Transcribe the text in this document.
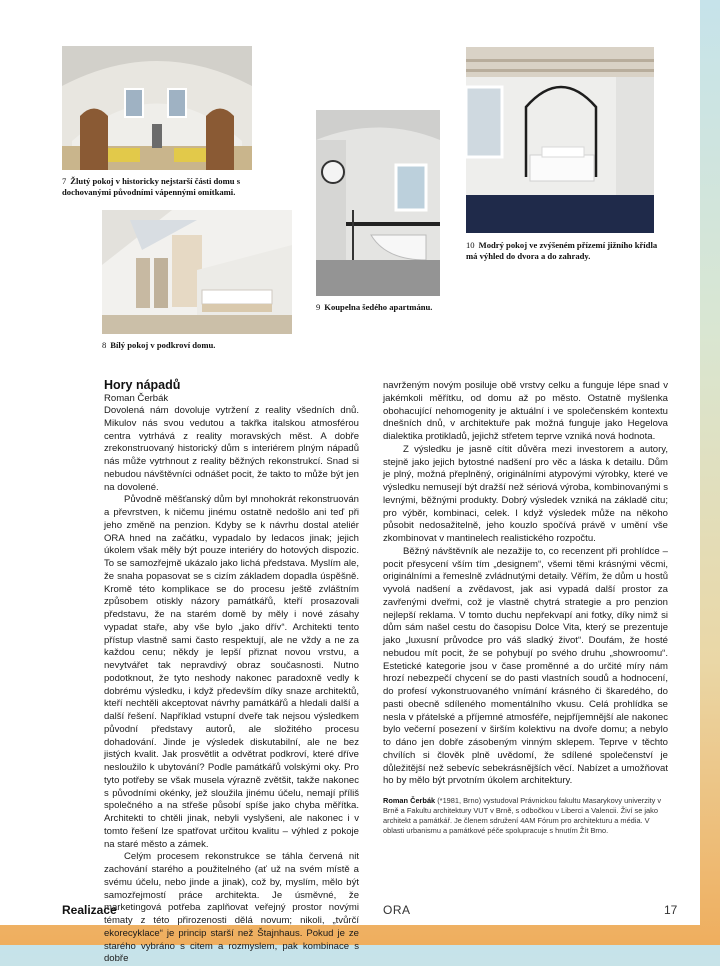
7 Žlutý pokoj v historicky nejstarší části domu s dochovanými původními vápennými omítkami.
8 Bílý pokoj v podkroví domu.
9 Koupelna šedého apartmánu.
10 Modrý pokoj ve zvýšeném přízemí jižního křídla má výhled do dvora a do zahrady.
Hory nápadů
Roman Čerbák

Dovolená nám dovoluje vytržení z reality všedních dnů. Mikulov nás svou vedutou a takřka italskou atmosférou centra vytrhává z reality moravských měst. A dobře zrekonstruovaný historický dům s interiérem plným nápadů nás může vytrhnout z reality běžných rekonstrukcí. Snad si nebudou návštěvníci odnášet pocit, že takto to může být jen na dovolené.

Původně měšťanský dům byl mnohokrát rekonstruován a převrstven, k ničemu jinému ostatně nedošlo ani teď při jeho změně na penzion. Kdyby se k návrhu dostal ateliér ORA hned na začátku, vypadalo by ledacos jinak; jejich úkolem však měly být pouze interiéry do hotových dispozic. To se samozřejmě ukázalo jako lichá představa. Myslím ale, že snaha popasovat se s cizím základem dopadla úspěšně. Kromě této komplikace se do procesu ještě zvláštním způsobem otiskly názory památkářů, kteří prosazovali představu, že na starém domě by měly i nové zásahy vypadat staře, aby vše bylo „jako dřív“. Architekti tento přístup vlastně sami často respektují, ale ne vždy a ne za každou cenu; někdy je lepší přiznat novou vrstvu, a nevytvářet tak nepravdivý obraz současnosti. Nutno podotknout, že tyto neshody nakonec paradoxně vedly k dobrému výsledku, i když především díky snaze architektů, kteří nechtěli akceptovat návrhy památkářů a hledali další a další řešení. Například vstupní dveře tak nejsou výsledkem původní představy autorů, ale složitého procesu dohadování. Jinde je výsledek diskutabilní, ale ne bez jistých kvalit. Jak prosvětlit a odvětrat podkroví, které dříve nesloužilo k ubytování? Podle památkářů volskými oky. Pro tyto potřeby se však musela výrazně zvětšit, takže nakonec s původními okénky, jež sloužila jinému účelu, nemají příliš společného a na střeše působí spíše jako chyba měřítka. Architekti to chtěli jinak, nebyli vyslyšeni, ale nakonec i v tomto řešení lze spatřovat určitou kvalitu – výhled z pokoje na staré město a zámek.

Celým procesem rekonstrukce se táhla červená nit zachování starého a použitelného (ať už na svém místě a svému účelu, nebo jinde a jinak), což by, myslím, mělo být samozřejmostí práce architekta. Je úsměvné, že marketingová potřeba zaplňovat veřejný prostor novými tématy z této přirozenosti dělá novum; nikoli, „tvůrčí ekorecyklace“ je princip starší než Štajnhaus. Pokud je ze starého vybráno s citem a rozmyslem, pak kombinace s dobře

navrženým novým posiluje obě vrstvy celku a funguje lépe snad v jakémkoli měřítku, od domu až po město. Ostatně myšlenka obohacující nehomogenity je aktuální i ve společenském kontextu dnešních dnů, v architektuře pak možná funguje jako Hegelova dialektika protikladů, jejichž střetem teprve vzniká nová hodnota.

Z výsledku je jasně cítit důvěra mezi investorem a autory, stejně jako jejich bytostné nadšení pro věc a láska k detailu. Dům je plný, možná přeplněný, originálními atypovými výrobky, které ve výsledku nemusejí být dražší než sériová výroba, kombinovanými s levnými, běžnými produkty. Dobrý výsledek vzniká na základě citu; pro výběr, kombinaci, celek. I když výsledek může na někoho působit nedosažitelně, jeho kouzlo spočívá právě v umění vše zkombinovat v mantinelech realistického rozpočtu.

Běžný návštěvník ale nezažije to, co recenzent při prohlídce – pocit přesycení vším tím „designem“, všemi těmi krásnými věcmi, originálními a řemeslně zvládnutými detaily. Věřím, že dům u hostů vyvolá nadšení a zvědavost, jak asi vypadá další prostor za zavřenými dveřmi, což je vlastně chytrá strategie a pro penzion nejlepší reklama. V tomto duchu nepřekvapí ani fotky, díky nimž si dům sám našel cestu do časopisu Dolce Vita, který se prezentuje jako „luxusní průvodce pro váš sladký život“. Doufám, že hosté nebudou mít pocit, že se pohybují po svého druhu „showroomu“. Estetické kategorie jsou v čase proměnné a do určité míry nám hrozí nebezpečí chycení se do pasti vlastních soudů a hodnocení, do profesí vykonstruovaného vnímání krásného či škaredého, do pasti obecně sdíleného momentálního vkusu. Celá prohlídka se nesla v přátelské a příjemné atmosféře, nejpříjemnější ale nakonec bylo večerní posezení v širším kolektivu na dvoře domu; a nebylo to dáno jen dobře zásobeným vinným sklepem. Teprve v těchto chvílích si člověk plně uvědomí, že sdílené společenství je důležitější než sebevíc sebekrásnějších věcí. Nabízet a umožňovat ho by mělo být prvotním úkolem architektury.

Roman Čerbák (*1981, Brno) vystudoval Právnickou fakultu Masarykovy univerzity v Brně a Fakultu architektury VUT v Brně, s odbočkou v Liberci a Valencii. Živí se jako architekt a památkář. Je členem sdružení 4AM Fórum pro architekturu a média. V oblasti urbanismu a památkové péče spolupracuje s hnutím Žít Brno.
Realizace	ORA	17
